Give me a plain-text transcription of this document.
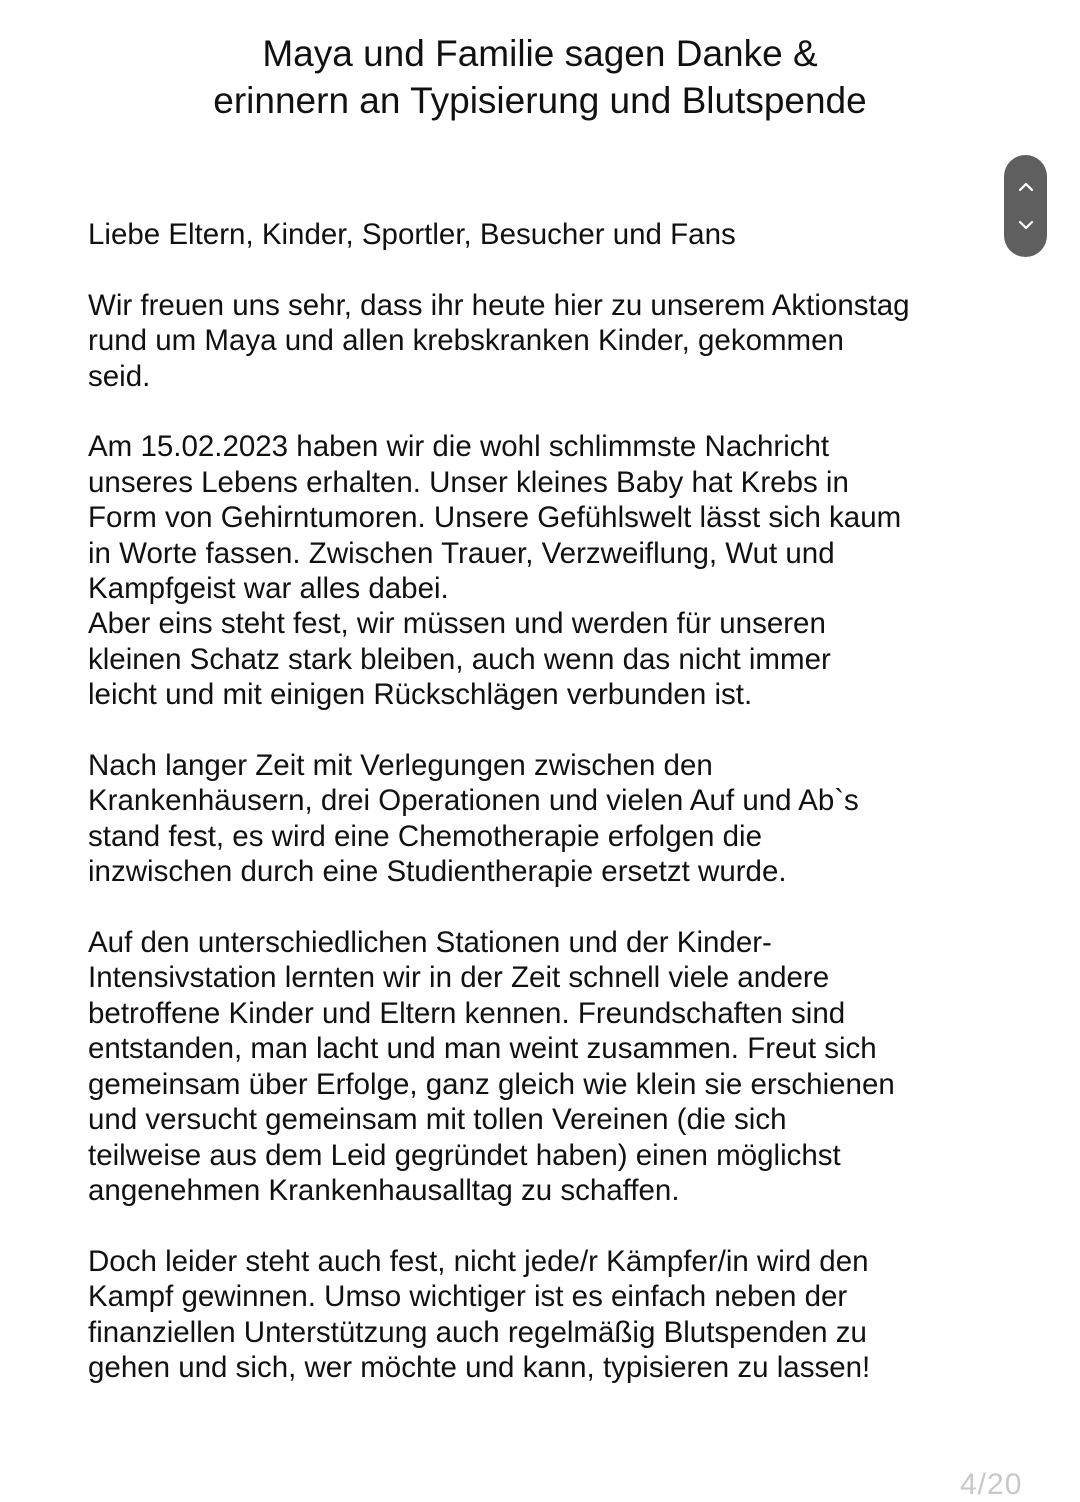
Maya und Familie sagen Danke &
erinnern an Typisierung und Blutspende

Liebe Eltern, Kinder, Sportler, Besucher und Fans

Wir freuen uns sehr, dass ihr heute hier zu unserem Aktionstag
rund um Maya und allen krebskranken Kinder, gekommen
seid.

Am 15.02.2023 haben wir die wohl schlimmste Nachricht
unseres Lebens erhalten. Unser kleines Baby hat Krebs in
Form von Gehirntumoren. Unsere Gefühlswelt lässt sich kaum
in Worte fassen. Zwischen Trauer, Verzweiflung, Wut und
Kampfgeist war alles dabei.
Aber eins steht fest, wir müssen und werden für unseren
kleinen Schatz stark bleiben, auch wenn das nicht immer
leicht und mit einigen Rückschlägen verbunden ist.

Nach langer Zeit mit Verlegungen zwischen den
Krankenhäusern, drei Operationen und vielen Auf und Ab`s
stand fest, es wird eine Chemotherapie erfolgen die
inzwischen durch eine Studientherapie ersetzt wurde.

Auf den unterschiedlichen Stationen und der Kinder-
Intensivstation lernten wir in der Zeit schnell viele andere
betroffene Kinder und Eltern kennen. Freundschaften sind
entstanden, man lacht und man weint zusammen. Freut sich
gemeinsam über Erfolge, ganz gleich wie klein sie erschienen
und versucht gemeinsam mit tollen Vereinen (die sich
teilweise aus dem Leid gegründet haben) einen möglichst
angenehmen Krankenhausalltag zu schaffen.

Doch leider steht auch fest, nicht jede/r Kämpfer/in wird den
Kampf gewinnen. Umso wichtiger ist es einfach neben der
finanziellen Unterstützung auch regelmäßig Blutspenden zu
gehen und sich, wer möchte und kann, typisieren zu lassen!

4/20
